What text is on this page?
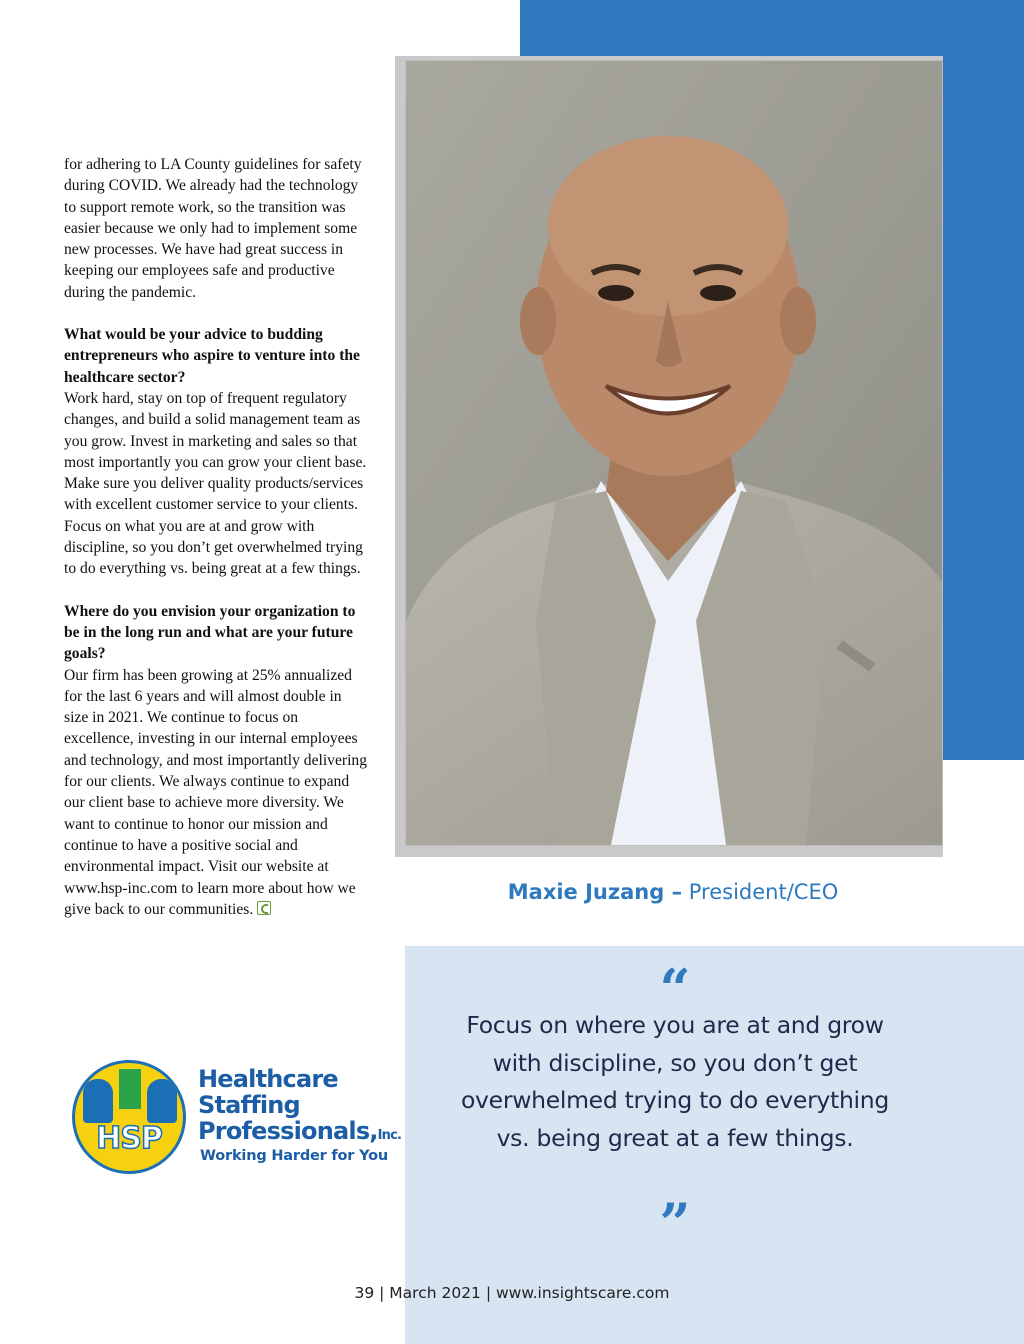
for adhering to LA County guidelines for safety during COVID. We already had the technology to support remote work, so the transition was easier because we only had to implement some new processes. We have had great success in keeping our employees safe and productive during the pandemic.

What would be your advice to budding entrepreneurs who aspire to venture into the healthcare sector?
Work hard, stay on top of frequent regulatory changes, and build a solid management team as you grow. Invest in marketing and sales so that most importantly you can grow your client base. Make sure you deliver quality products/services with excellent customer service to your clients. Focus on what you are at and grow with discipline, so you don’t get overwhelmed trying to do everything vs. being great at a few things.

Where do you envision your organization to be in the long run and what are your future goals?
Our firm has been growing at 25% annualized for the last 6 years and will almost double in size in 2021. We continue to focus on excellence, investing in our internal employees and technology, and most importantly delivering for our clients. We always continue to expand our client base to achieve more diversity. We want to continue to honor our mission and continue to have a positive social and environmental impact. Visit our website at www.hsp-inc.com to learn more about how we give back to our communities.

Maxie Juzang – President/CEO
“
Focus on where you are at and grow with discipline, so you don’t get overwhelmed trying to do everything vs. being great at a few things.
”
HSP
Healthcare
Staffing
Professionals,Inc.
Working Harder for You
39 | March 2021 | www.insightscare.com
